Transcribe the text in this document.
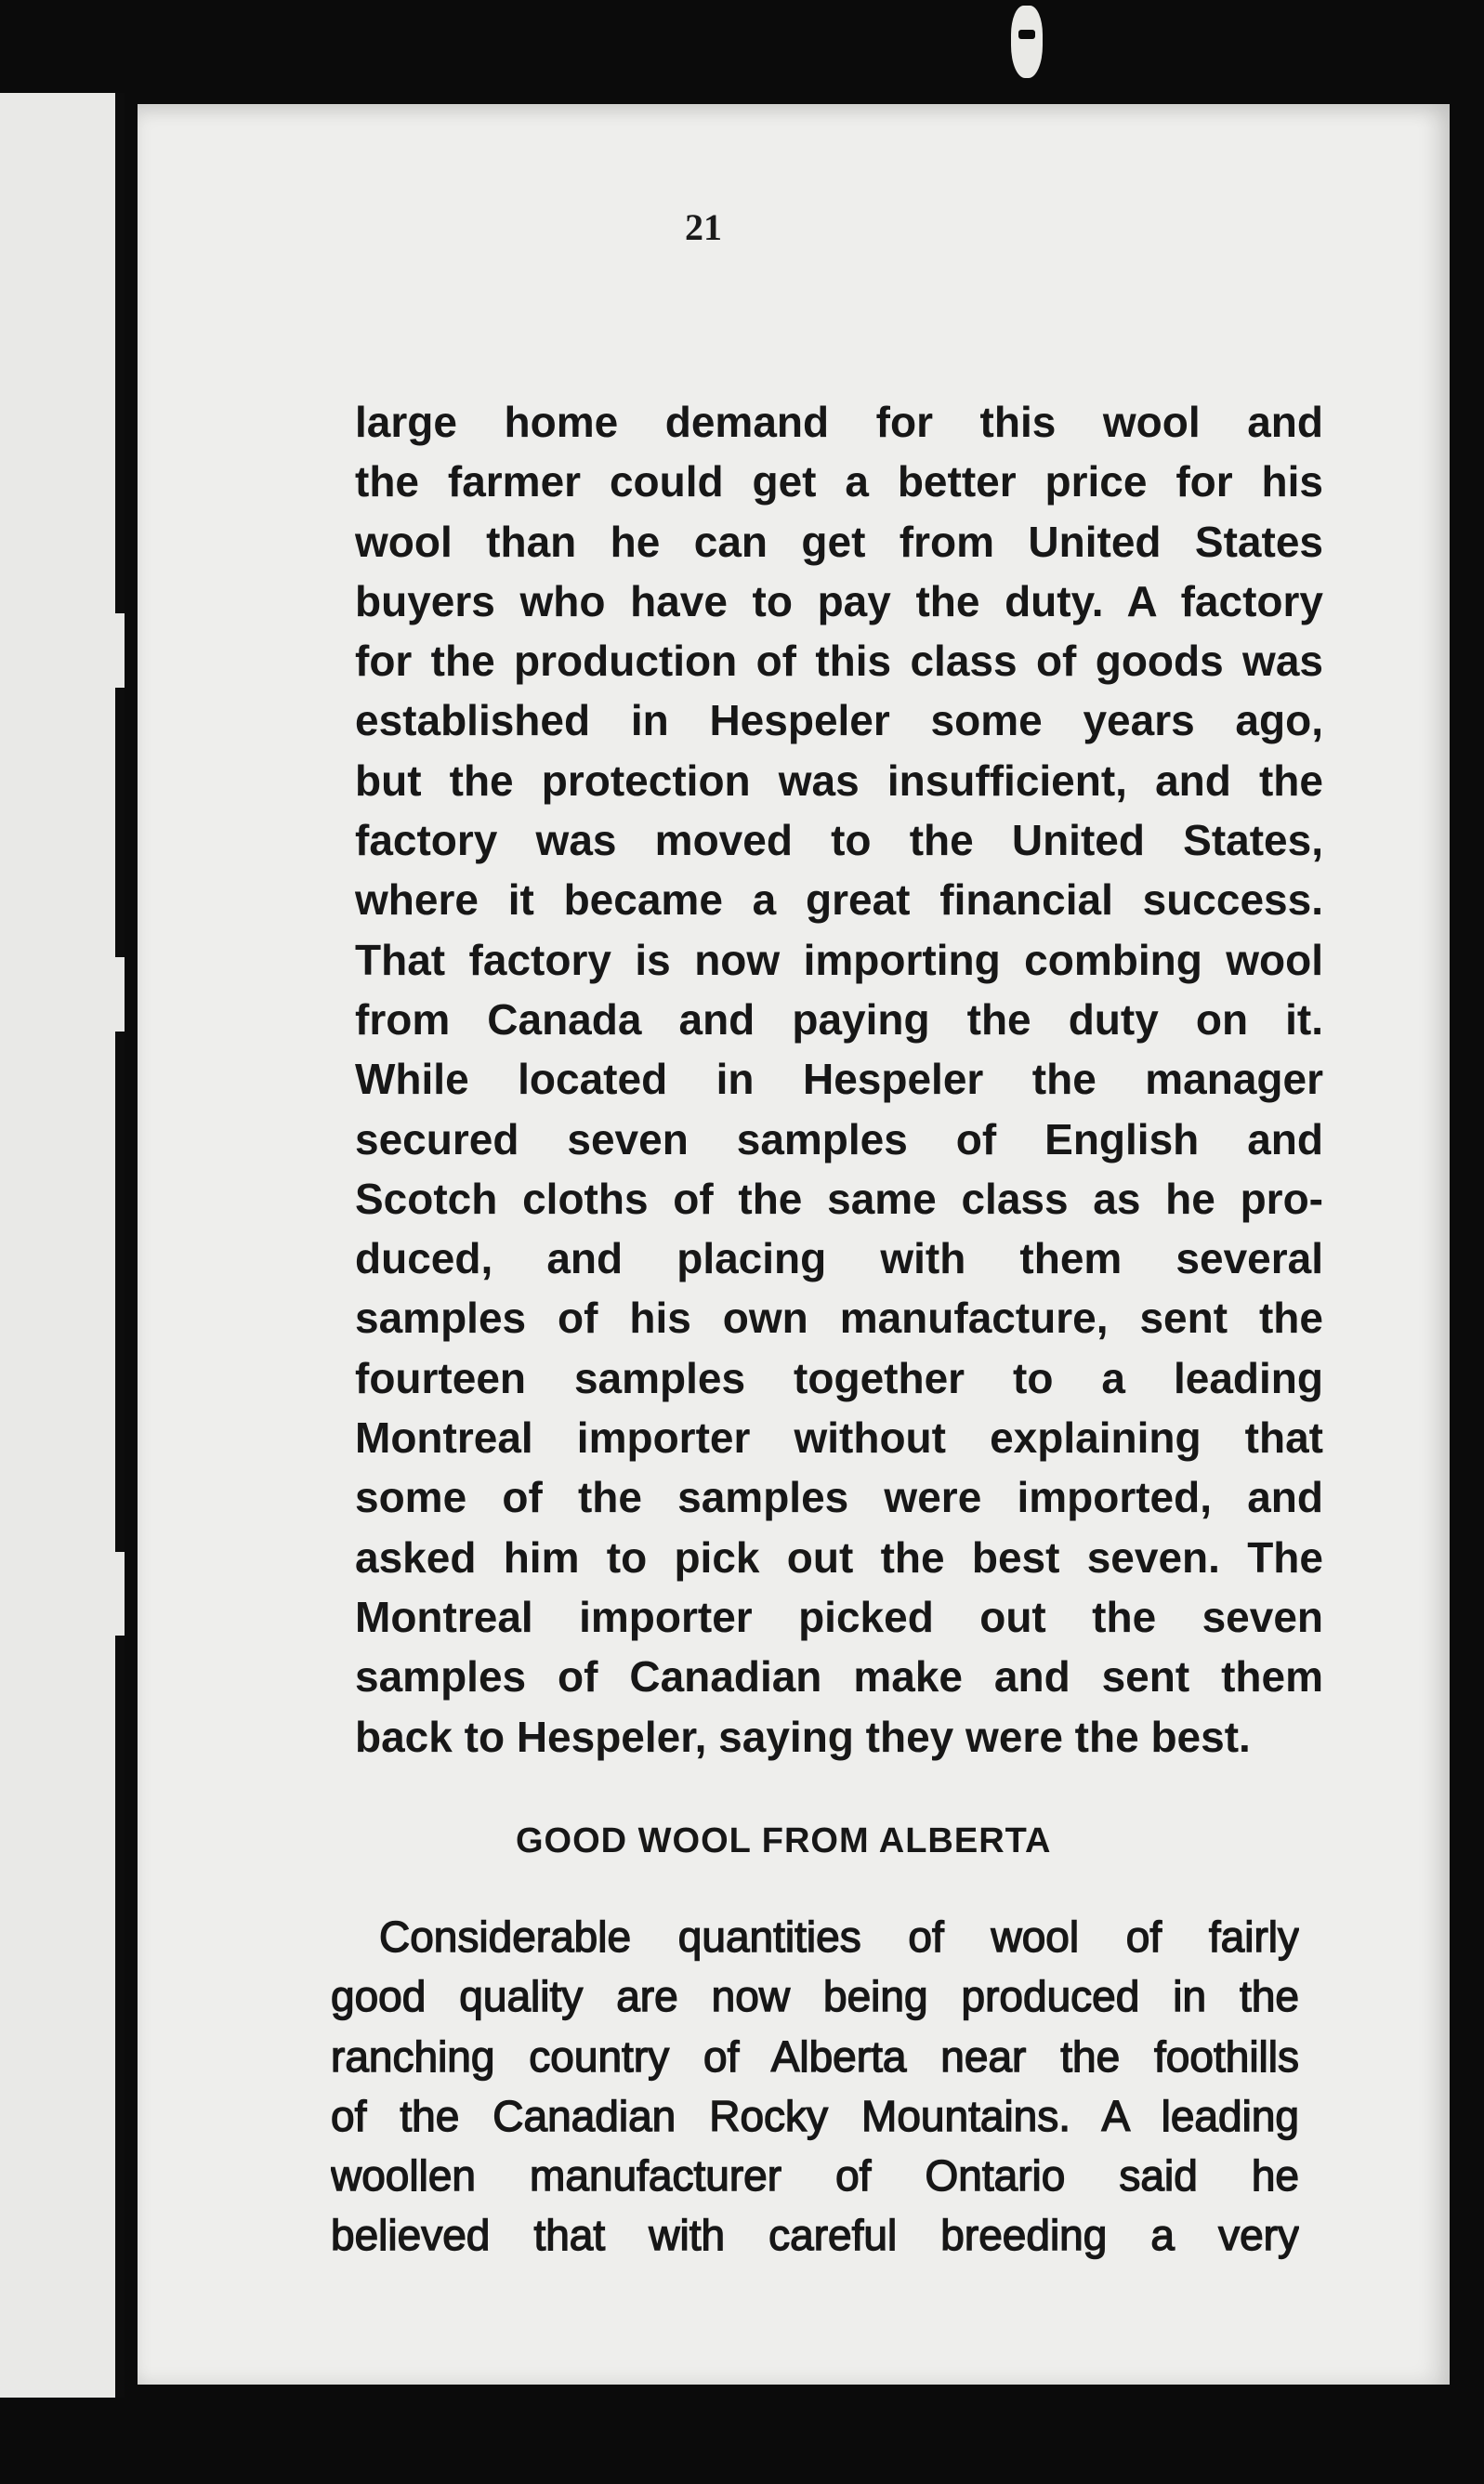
21
large home demand for this wool and
the farmer could get a better price for his
wool than he can get from United States
buyers who have to pay the duty. A factory
for the production of this class of goods was
established in Hespeler some years ago,
but the protection was insufficient, and the
factory was moved to the United States,
where it became a great financial success.
That factory is now importing combing wool
from Canada and paying the duty on it.
While located in Hespeler the manager
secured seven samples of English and
Scotch cloths of the same class as he pro-
duced, and placing with them several
samples of his own manufacture, sent the
fourteen samples together to a leading
Montreal importer without explaining that
some of the samples were imported, and
asked him to pick out the best seven. The
Montreal importer picked out the seven
samples of Canadian make and sent them
back to Hespeler, saying they were the best.
GOOD WOOL FROM ALBERTA
Considerable quantities of wool of fairly
good quality are now being produced in the
ranching country of Alberta near the foothills
of the Canadian Rocky Mountains. A leading
woollen manufacturer of Ontario said he
believed that with careful breeding a very
